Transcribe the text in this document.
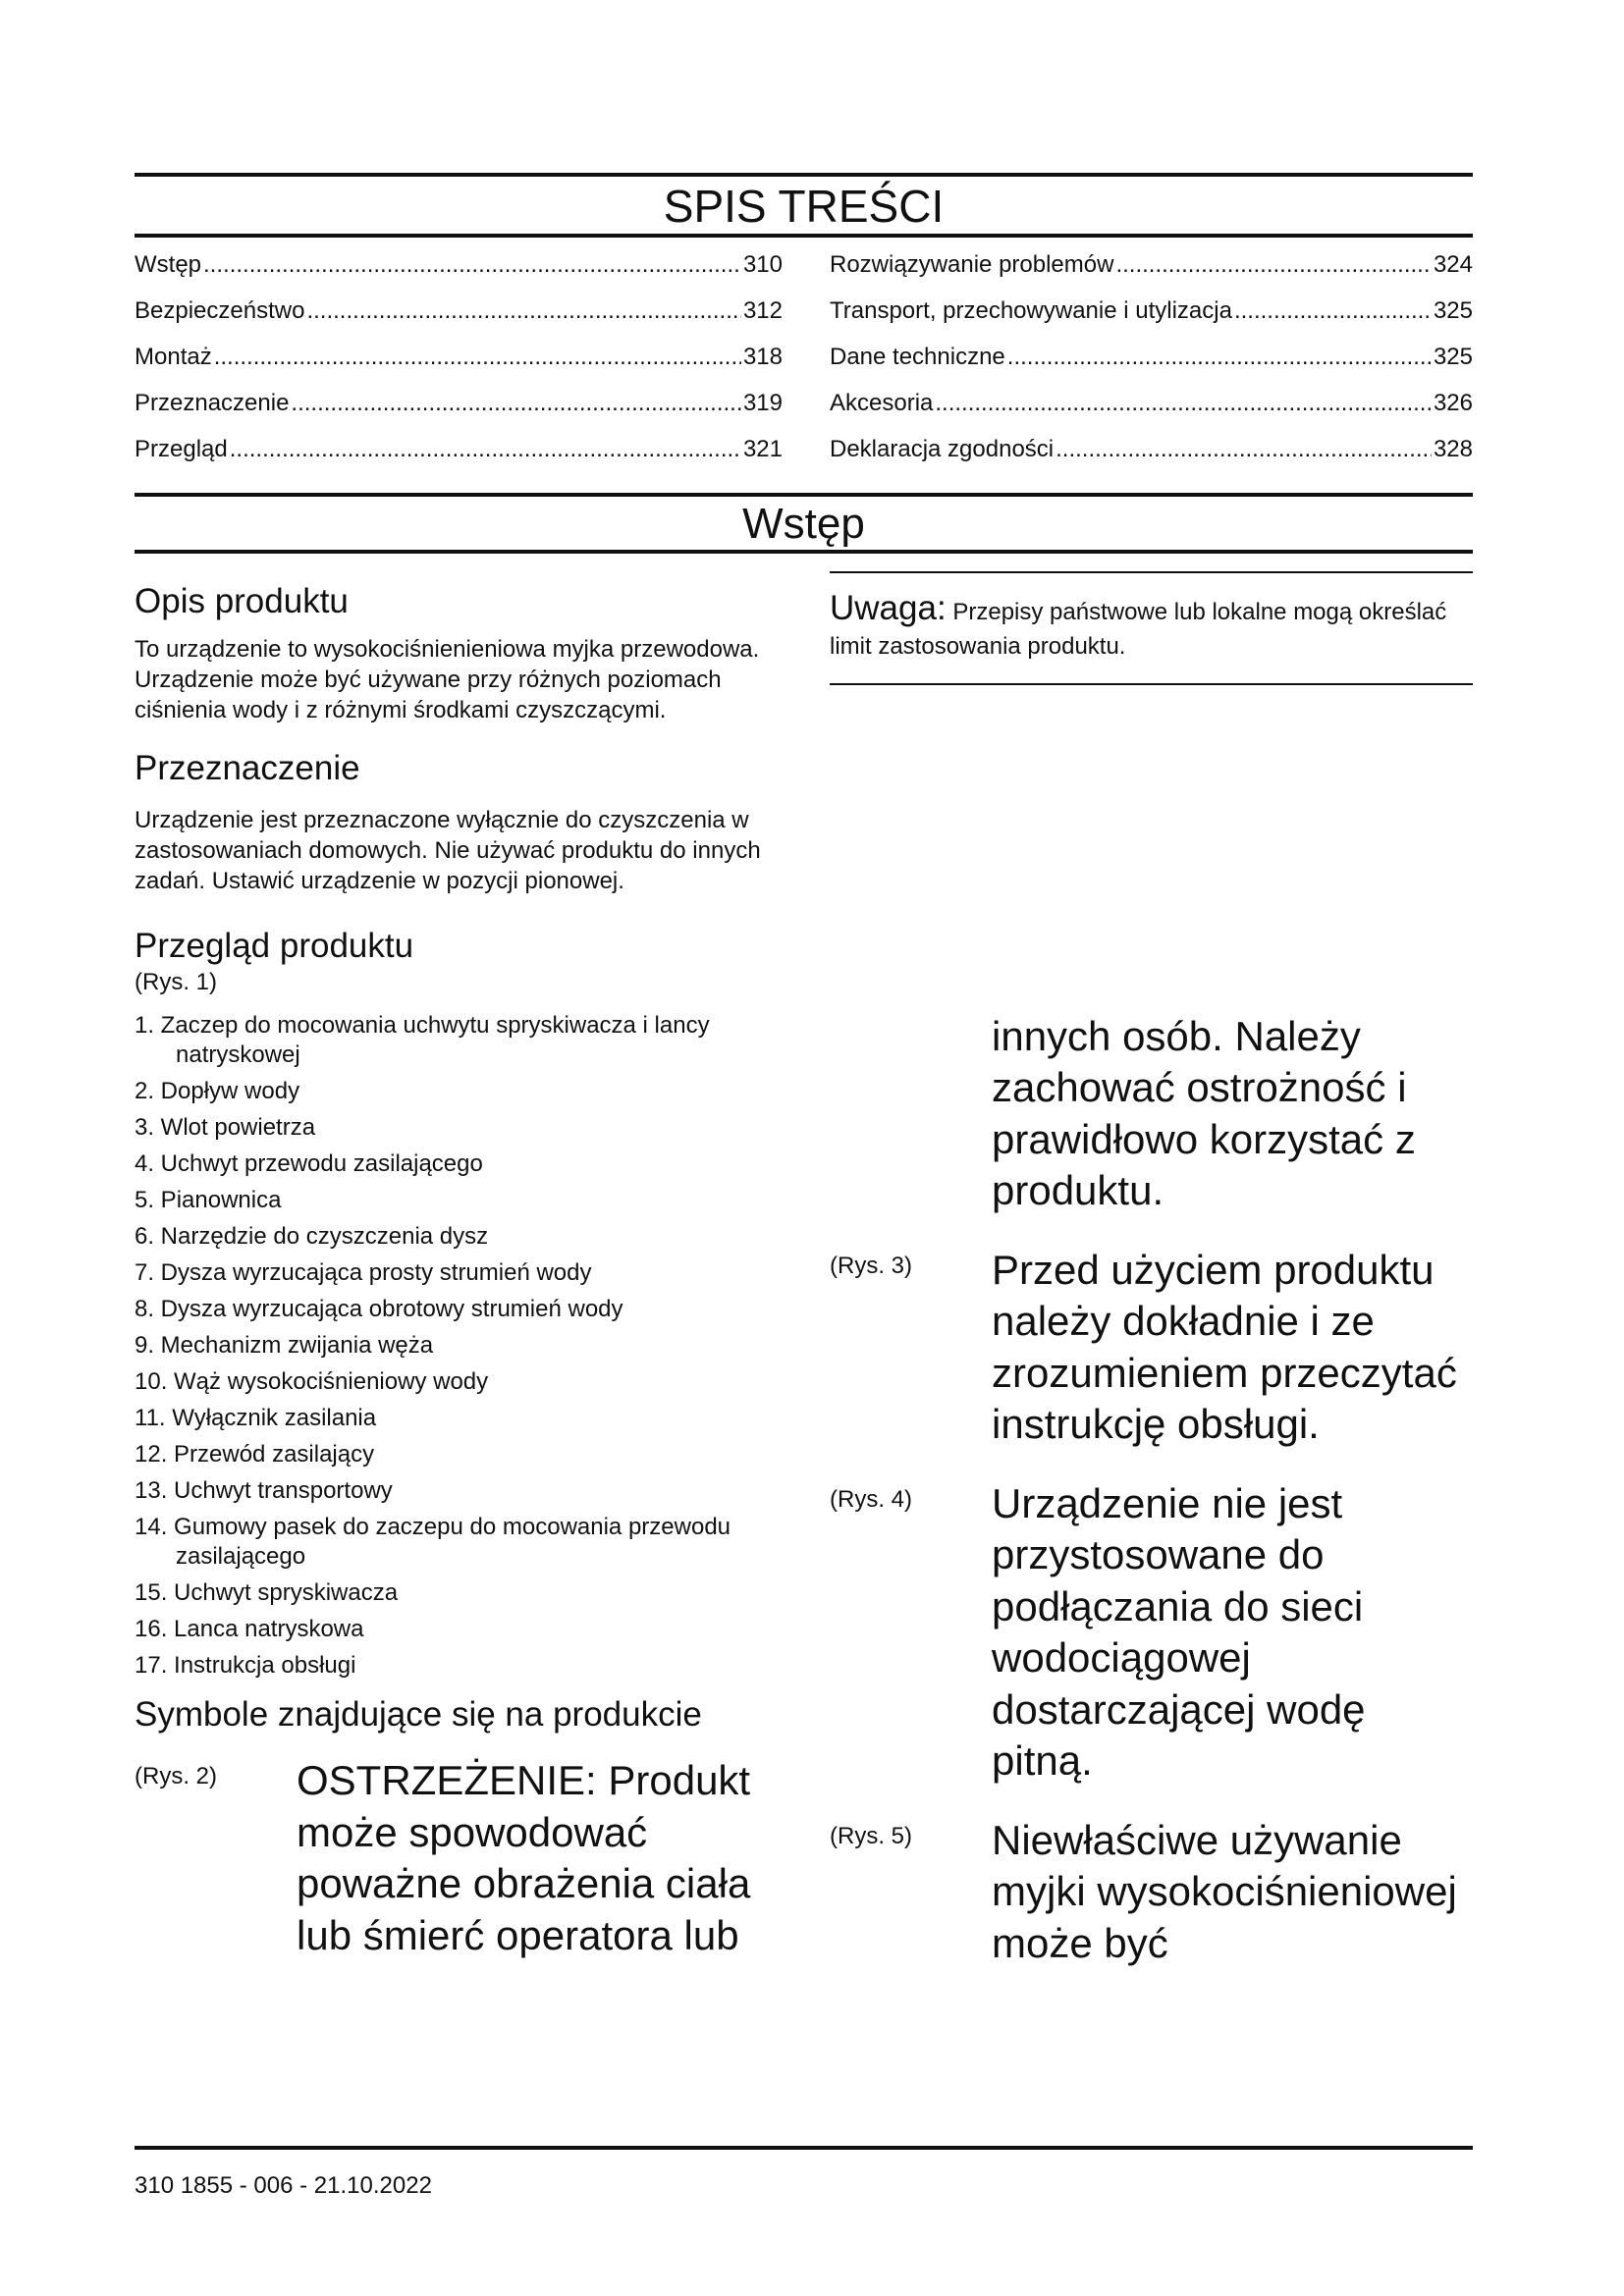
SPIS TREŚCI
Wstęp .....	310
Bezpieczeństwo .....	312
Montaż .....	318
Przeznaczenie .....	319
Przegląd .....	321
Rozwiązywanie problemów .....	324
Transport, przechowywanie i utylizacja .....	325
Dane techniczne .....	325
Akcesoria .....	326
Deklaracja zgodności .....	328
Wstęp
Opis produktu

To urządzenie to wysokociśnienieniowa myjka przewodowa. Urządzenie może być używane przy różnych poziomach ciśnienia wody i z różnymi środkami czyszczącymi.

Przeznaczenie

Urządzenie jest przeznaczone wyłącznie do czyszczenia w zastosowaniach domowych. Nie używać produktu do innych zadań. Ustawić urządzenie w pozycji pionowej.

Przegląd produktu

(Rys. 1)

1. Zaczep do mocowania uchwytu spryskiwacza i lancy natryskowej
2. Dopływ wody
3. Wlot powietrza
4. Uchwyt przewodu zasilającego
5. Pianownica
6. Narzędzie do czyszczenia dysz
7. Dysza wyrzucająca prosty strumień wody
8. Dysza wyrzucająca obrotowy strumień wody
9. Mechanizm zwijania węża
10. Wąż wysokociśnieniowy wody
11. Wyłącznik zasilania
12. Przewód zasilający
13. Uchwyt transportowy
14. Gumowy pasek do zaczepu do mocowania przewodu zasilającego
15. Uchwyt spryskiwacza
16. Lanca natryskowa
17. Instrukcja obsługi
Symbole znajdujące się na produkcie
(Rys. 2)	OSTRZEŻENIE: Produkt może spowodować poważne obrażenia ciała lub śmierć operatora lub

Uwaga: Przepisy państwowe lub lokalne mogą określać limit zastosowania produktu.

innych osób. Należy zachować ostrożność i prawidłowo korzystać z produktu.
(Rys. 3)	Przed użyciem produktu należy dokładnie i ze zrozumieniem przeczytać instrukcję obsługi.
(Rys. 4)	Urządzenie nie jest przystosowane do podłączania do sieci wodociągowej dostarczającej wodę pitną.
(Rys. 5)	Niewłaściwe używanie myjki wysokociśnieniowej może być
310 1855 - 006 - 21.10.2022
